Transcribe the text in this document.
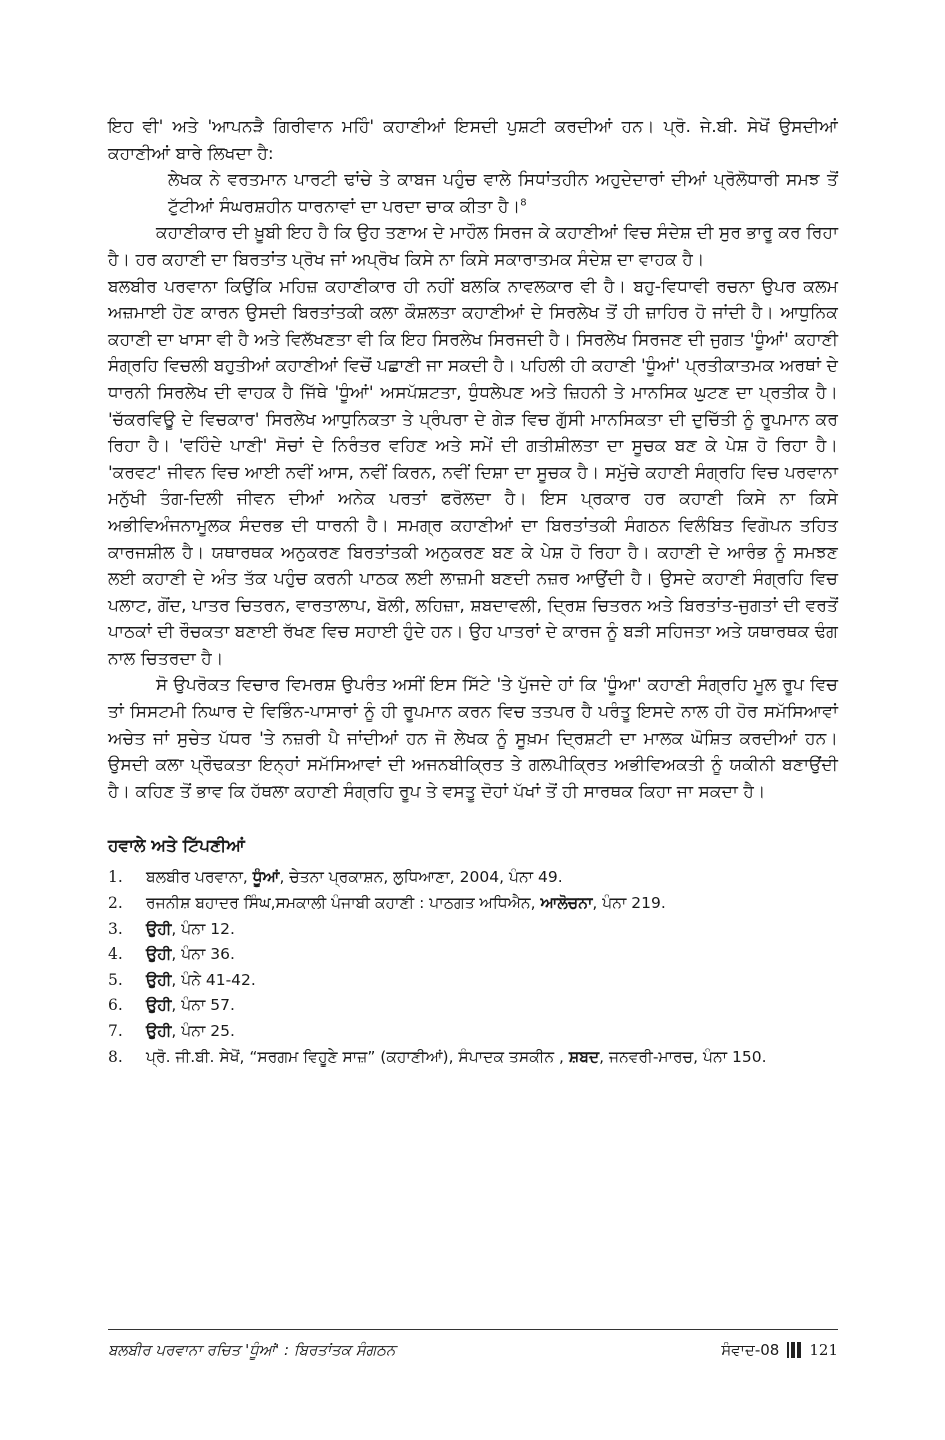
ਇਹ ਵੀ' ਅਤੇ 'ਆਪਨੜੈ ਗਿਰੀਵਾਨ ਮਹਿੰ' ਕਹਾਣੀਆਂ ਇਸਦੀ ਪੁਸ਼ਟੀ ਕਰਦੀਆਂ ਹਨ। ਪ੍ਰੋ. ਜੇ.ਬੀ. ਸੇਖੋਂ ਉਸਦੀਆਂ ਕਹਾਣੀਆਂ ਬਾਰੇ ਲਿਖਦਾ ਹੈ:

ਲੇਖਕ ਨੇ ਵਰਤਮਾਨ ਪਾਰਟੀ ਢਾਂਚੇ ਤੇ ਕਾਬਜ ਪਹੁੰਚ ਵਾਲੇ ਸਿਧਾਂਤਹੀਨ ਅਹੁਦੇਦਾਰਾਂ ਦੀਆਂ ਪ੍ਰੋਲੋਧਾਰੀ ਸਮਝ ਤੋਂ ਟੁੱਟੀਆਂ ਸੰਘਰਸ਼ਹੀਨ ਧਾਰਨਾਵਾਂ ਦਾ ਪਰਦਾ ਚਾਕ ਕੀਤਾ ਹੈ।$^8$

ਕਹਾਣੀਕਾਰ ਦੀ ਖ਼ੂਬੀ ਇਹ ਹੈ ਕਿ ਉਹ ਤਣਾਅ ਦੇ ਮਾਹੌਲ ਸਿਰਜ ਕੇ ਕਹਾਣੀਆਂ ਵਿਚ ਸੰਦੇਸ਼ ਦੀ ਸੁਰ ਭਾਰੂ ਕਰ ਰਿਹਾ ਹੈ। ਹਰ ਕਹਾਣੀ ਦਾ ਬਿਰਤਾਂਤ ਪ੍ਰੋਖ ਜਾਂ ਅਪ੍ਰੋਖ ਕਿਸੇ ਨਾ ਕਿਸੇ ਸਕਾਰਾਤਮਕ ਸੰਦੇਸ਼ ਦਾ ਵਾਹਕ ਹੈ।

ਬਲਬੀਰ ਪਰਵਾਨਾ ਕਿਉਂਕਿ ਮਹਿਜ਼ ਕਹਾਣੀਕਾਰ ਹੀ ਨਹੀਂ ਬਲਕਿ ਨਾਵਲਕਾਰ ਵੀ ਹੈ। ਬਹੁ-ਵਿਧਾਵੀ ਰਚਨਾ ਉਪਰ ਕਲਮ ਅਜ਼ਮਾਈ ਹੋਣ ਕਾਰਨ ਉਸਦੀ ਬਿਰਤਾਂਤਕੀ ਕਲਾ ਕੌਸ਼ਲਤਾ ਕਹਾਣੀਆਂ ਦੇ ਸਿਰਲੇਖ ਤੋਂ ਹੀ ਜ਼ਾਹਿਰ ਹੋ ਜਾਂਦੀ ਹੈ। ਆਧੁਨਿਕ ਕਹਾਣੀ ਦਾ ਖਾਸਾ ਵੀ ਹੈ ਅਤੇ ਵਿਲੱਖਣਤਾ ਵੀ ਕਿ ਇਹ ਸਿਰਲੇਖ ਸਿਰਜਦੀ ਹੈ। ਸਿਰਲੇਖ ਸਿਰਜਣ ਦੀ ਜੁਗਤ 'ਧੂੰਆਂ' ਕਹਾਣੀ ਸੰਗ੍ਰਹਿ ਵਿਚਲੀ ਬਹੁਤੀਆਂ ਕਹਾਣੀਆਂ ਵਿਚੋਂ ਪਛਾਣੀ ਜਾ ਸਕਦੀ ਹੈ। ਪਹਿਲੀ ਹੀ ਕਹਾਣੀ 'ਧੂੰਆਂ' ਪ੍ਰਤੀਕਾਤਮਕ ਅਰਥਾਂ ਦੇ ਧਾਰਨੀ ਸਿਰਲੇਖ ਦੀ ਵਾਹਕ ਹੈ ਜਿੱਥੇ 'ਧੂੰਆਂ' ਅਸਪੱਸ਼ਟਤਾ, ਧੁੰਧਲੇਪਣ ਅਤੇ ਜ਼ਿਹਨੀ ਤੇ ਮਾਨਸਿਕ ਘੁਟਣ ਦਾ ਪ੍ਰਤੀਕ ਹੈ। 'ਚੱਕਰਵਿਊ ਦੇ ਵਿਚਕਾਰ' ਸਿਰਲੇਖ ਆਧੁਨਿਕਤਾ ਤੇ ਪ੍ਰੰਪਰਾ ਦੇ ਗੇੜ ਵਿਚ ਗੁੱਸੀ ਮਾਨਸਿਕਤਾ ਦੀ ਦੁਚਿੱਤੀ ਨੂੰ ਰੂਪਮਾਨ ਕਰ ਰਿਹਾ ਹੈ। 'ਵਹਿੰਦੇ ਪਾਣੀ' ਸੋਚਾਂ ਦੇ ਨਿਰੰਤਰ ਵਹਿਣ ਅਤੇ ਸਮੇਂ ਦੀ ਗਤੀਸ਼ੀਲਤਾ ਦਾ ਸੂਚਕ ਬਣ ਕੇ ਪੇਸ਼ ਹੋ ਰਿਹਾ ਹੈ। 'ਕਰਵਟ' ਜੀਵਨ ਵਿਚ ਆਈ ਨਵੀਂ ਆਸ, ਨਵੀਂ ਕਿਰਨ, ਨਵੀਂ ਦਿਸ਼ਾ ਦਾ ਸੂਚਕ ਹੈ। ਸਮੁੱਚੇ ਕਹਾਣੀ ਸੰਗ੍ਰਹਿ ਵਿਚ ਪਰਵਾਨਾ ਮਨੁੱਖੀ ਤੰਗ-ਦਿਲੀ ਜੀਵਨ ਦੀਆਂ ਅਨੇਕ ਪਰਤਾਂ ਫਰੋਲਦਾ ਹੈ। ਇਸ ਪ੍ਰਕਾਰ ਹਰ ਕਹਾਣੀ ਕਿਸੇ ਨਾ ਕਿਸੇ ਅਭੀਵਿਅੰਜਨਾਮੂਲਕ ਸੰਦਰਭ ਦੀ ਧਾਰਨੀ ਹੈ। ਸਮਗ੍ਰ ਕਹਾਣੀਆਂ ਦਾ ਬਿਰਤਾਂਤਕੀ ਸੰਗਠਨ ਵਿਲੰਬਿਤ ਵਿਗੋਪਨ ਤਹਿਤ ਕਾਰਜਸ਼ੀਲ ਹੈ। ਯਥਾਰਥਕ ਅਨੁਕਰਣ ਬਿਰਤਾਂਤਕੀ ਅਨੁਕਰਣ ਬਣ ਕੇ ਪੇਸ਼ ਹੋ ਰਿਹਾ ਹੈ। ਕਹਾਣੀ ਦੇ ਆਰੰਭ ਨੂੰ ਸਮਝਣ ਲਈ ਕਹਾਣੀ ਦੇ ਅੰਤ ਤੱਕ ਪਹੁੰਚ ਕਰਨੀ ਪਾਠਕ ਲਈ ਲਾਜ਼ਮੀ ਬਣਦੀ ਨਜ਼ਰ ਆਉਂਦੀ ਹੈ। ਉਸਦੇ ਕਹਾਣੀ ਸੰਗ੍ਰਹਿ ਵਿਚ ਪਲਾਟ, ਗੋਂਦ, ਪਾਤਰ ਚਿਤਰਨ, ਵਾਰਤਾਲਾਪ, ਬੋਲੀ, ਲਹਿਜ਼ਾ, ਸ਼ਬਦਾਵਲੀ, ਦ੍ਰਿਸ਼ ਚਿਤਰਨ ਅਤੇ ਬਿਰਤਾਂਤ-ਜੁਗਤਾਂ ਦੀ ਵਰਤੋਂ ਪਾਠਕਾਂ ਦੀ ਰੌਚਕਤਾ ਬਣਾਈ ਰੱਖਣ ਵਿਚ ਸਹਾਈ ਹੁੰਦੇ ਹਨ। ਉਹ ਪਾਤਰਾਂ ਦੇ ਕਾਰਜ ਨੂੰ ਬੜੀ ਸਹਿਜਤਾ ਅਤੇ ਯਥਾਰਥਕ ਢੰਗ ਨਾਲ ਚਿਤਰਦਾ ਹੈ।

ਸੋ ਉਪਰੋਕਤ ਵਿਚਾਰ ਵਿਮਰਸ਼ ਉਪਰੰਤ ਅਸੀਂ ਇਸ ਸਿੱਟੇ 'ਤੇ ਪੁੱਜਦੇ ਹਾਂ ਕਿ 'ਧੂੰਆ' ਕਹਾਣੀ ਸੰਗ੍ਰਹਿ ਮੂਲ ਰੂਪ ਵਿਚ ਤਾਂ ਸਿਸਟਮੀ ਨਿਘਾਰ ਦੇ ਵਿਭਿੰਨ-ਪਾਸਾਰਾਂ ਨੂੰ ਹੀ ਰੂਪਮਾਨ ਕਰਨ ਵਿਚ ਤਤਪਰ ਹੈ ਪਰੰਤੂ ਇਸਦੇ ਨਾਲ ਹੀ ਹੋਰ ਸਮੱਸਿਆਵਾਂ ਅਚੇਤ ਜਾਂ ਸੁਚੇਤ ਪੱਧਰ 'ਤੇ ਨਜ਼ਰੀ ਪੈ ਜਾਂਦੀਆਂ ਹਨ ਜੋ ਲੇਖਕ ਨੂੰ ਸੂਖ਼ਮ ਦ੍ਰਿਸ਼ਟੀ ਦਾ ਮਾਲਕ ਘੋਸ਼ਿਤ ਕਰਦੀਆਂ ਹਨ। ਉਸਦੀ ਕਲਾ ਪ੍ਰੌਢਕਤਾ ਇਨ੍ਹਾਂ ਸਮੱਸਿਆਵਾਂ ਦੀ ਅਜਨਬੀਕ੍ਰਿਤ ਤੇ ਗਲਪੀਕ੍ਰਿਤ ਅਭੀਵਿਅਕਤੀ ਨੂੰ ਯਕੀਨੀ ਬਣਾਉਂਦੀ ਹੈ। ਕਹਿਣ ਤੋਂ ਭਾਵ ਕਿ ਹੱਥਲਾ ਕਹਾਣੀ ਸੰਗ੍ਰਹਿ ਰੂਪ ਤੇ ਵਸਤੂ ਦੋਹਾਂ ਪੱਖਾਂ ਤੋਂ ਹੀ ਸਾਰਥਕ ਕਿਹਾ ਜਾ ਸਕਦਾ ਹੈ।

ਹਵਾਲੇ ਅਤੇ ਟਿੱਪਣੀਆਂ
1.	ਬਲਬੀਰ ਪਰਵਾਨਾ, ਧੂੰਆਂ, ਚੇਤਨਾ ਪ੍ਰਕਾਸ਼ਨ, ਲੁਧਿਆਣਾ, 2004, ਪੰਨਾ 49.
2.	ਰਜਨੀਸ਼ ਬਹਾਦਰ ਸਿੰਘ,ਸਮਕਾਲੀ ਪੰਜਾਬੀ ਕਹਾਣੀ : ਪਾਠਗਤ ਅਧਿਐਨ, ਆਲੋਚਨਾ, ਪੰਨਾ 219.
3.	ਉਹੀ, ਪੰਨਾ 12.
4.	ਉਹੀ, ਪੰਨਾ 36.
5.	ਉਹੀ, ਪੰਨੇ 41-42.
6.	ਉਹੀ, ਪੰਨਾ 57.
7.	ਉਹੀ, ਪੰਨਾ 25.
8.	ਪ੍ਰੋ. ਜੀ.ਬੀ. ਸੇਖੋਂ, “ਸਰਗਮ ਵਿਹੂਣੇ ਸਾਜ਼” (ਕਹਾਣੀਆਂ), ਸੰਪਾਦਕ ਤਸਕੀਨ , ਸ਼ਬਦ, ਜਨਵਰੀ-ਮਾਰਚ, ਪੰਨਾ 150.
ਬਲਬੀਰ ਪਰਵਾਨਾ ਰਚਿਤ 'ਧੂੰਆਂ' : ਬਿਰਤਾਂਤਕ ਸੰਗਠਨ	ਸੰਵਾਦ-08 121
